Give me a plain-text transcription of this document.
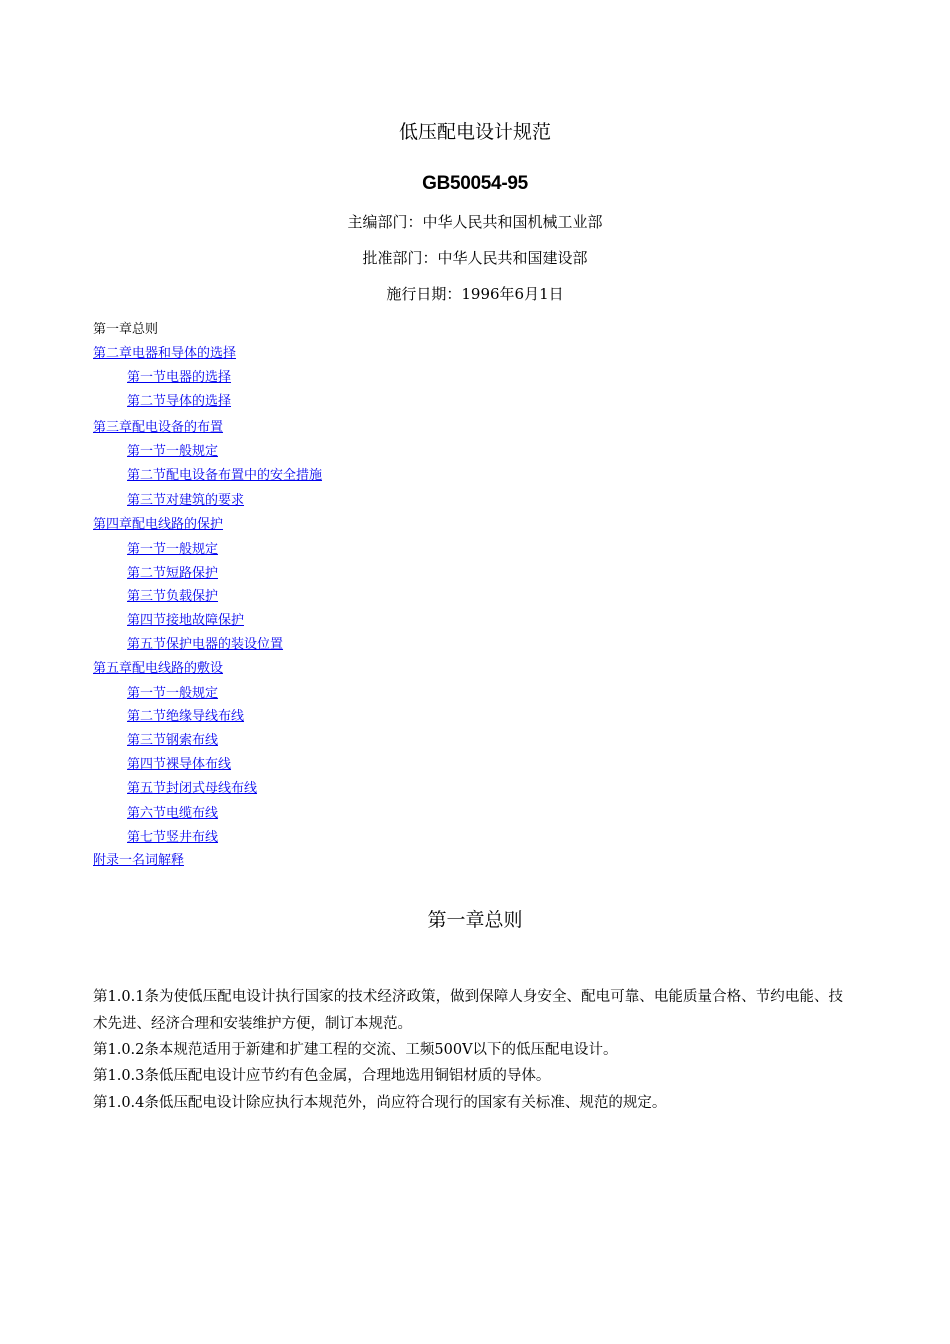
低压配电设计规范
GB50054-95
主编部门：中华人民共和国机械工业部
批准部门：中华人民共和国建设部
施行日期：1996年6月1日
第一章总则
第二章电器和导体的选择
第一节电器的选择
第二节导体的选择
第三章配电设备的布置
第一节一般规定
第二节配电设备布置中的安全措施
第三节对建筑的要求
第四章配电线路的保护
第一节一般规定
第二节短路保护
第三节负载保护
第四节接地故障保护
第五节保护电器的装设位置
第五章配电线路的敷设
第一节一般规定
第二节绝缘导线布线
第三节钢索布线
第四节裸导体布线
第五节封闭式母线布线
第六节电缆布线
第七节竖井布线
附录一名词解释
第一章总则
第1.0.1条为使低压配电设计执行国家的技术经济政策，做到保障人身安全、配电可靠、电能质量合格、节约电能、技术先进、经济合理和安装维护方便，制订本规范。
第1.0.2条本规范适用于新建和扩建工程的交流、工频500V以下的低压配电设计。
第1.0.3条低压配电设计应节约有色金属，合理地选用铜铝材质的导体。
第1.0.4条低压配电设计除应执行本规范外，尚应符合现行的国家有关标准、规范的规定。
